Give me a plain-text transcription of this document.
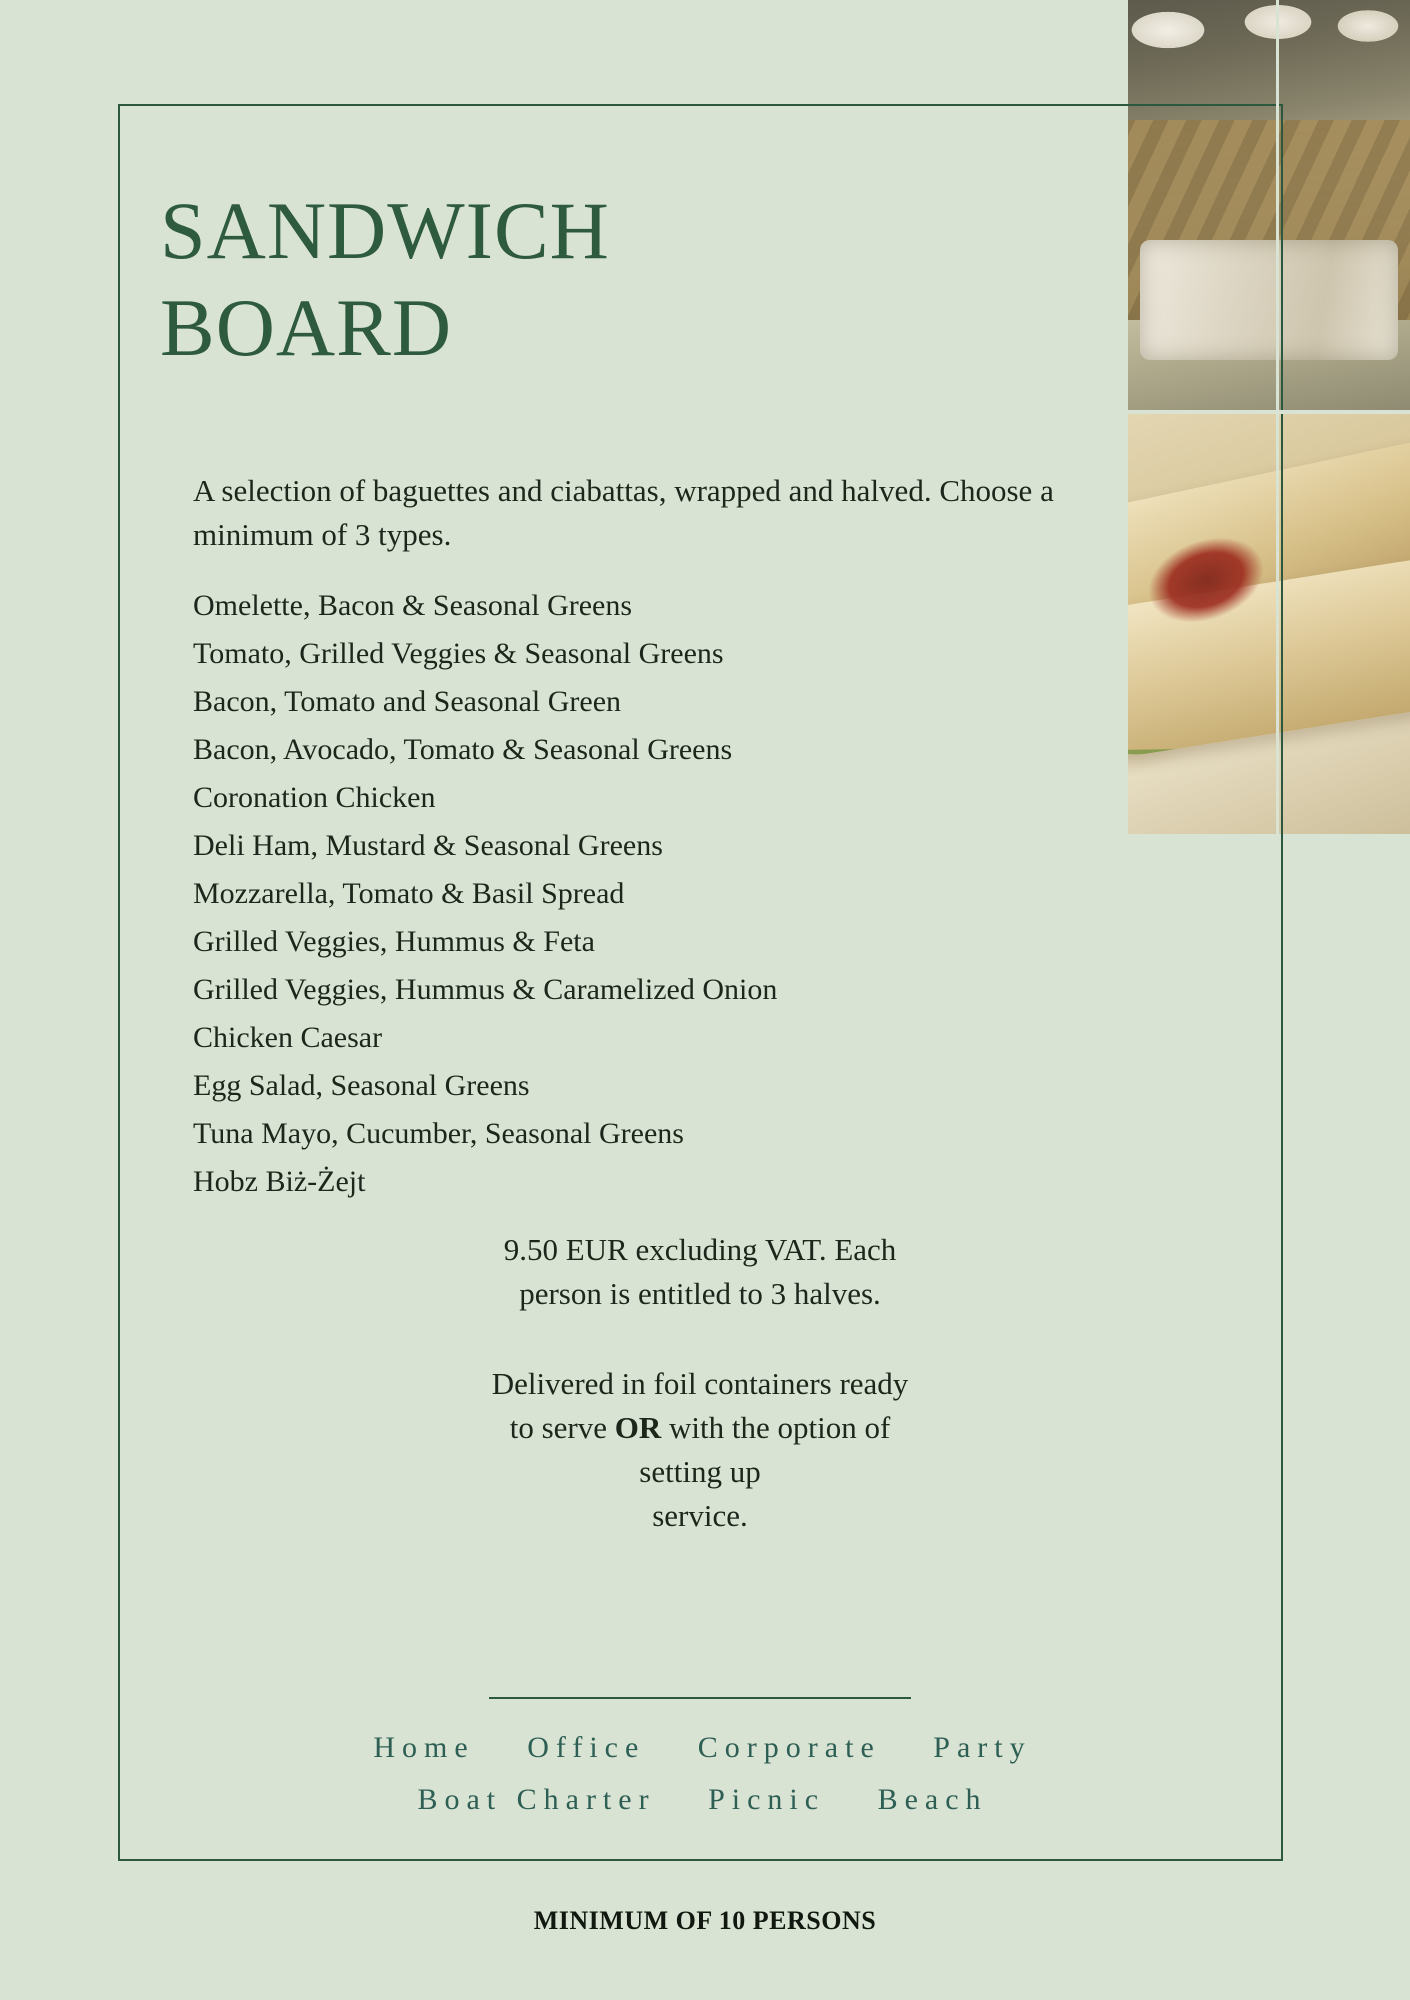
SANDWICH
BOARD

A selection of baguettes and ciabattas, wrapped and halved. Choose a minimum of 3 types.

Omelette, Bacon & Seasonal Greens
Tomato, Grilled Veggies & Seasonal Greens
Bacon, Tomato and Seasonal Green
Bacon, Avocado, Tomato & Seasonal Greens
Coronation Chicken
Deli Ham, Mustard & Seasonal Greens
Mozzarella, Tomato & Basil Spread
Grilled Veggies, Hummus & Feta
Grilled Veggies, Hummus & Caramelized Onion
Chicken Caesar
Egg Salad, Seasonal Greens
Tuna Mayo, Cucumber, Seasonal Greens
Hobz Biż-Żejt
9.50 EUR excluding VAT. Each
person is entitled to 3 halves.
Delivered in foil containers ready
to serve OR with the option of
setting up
service.
Home Office Corporate Party
Boat Charter Picnic Beach
MINIMUM OF 10 PERSONS
